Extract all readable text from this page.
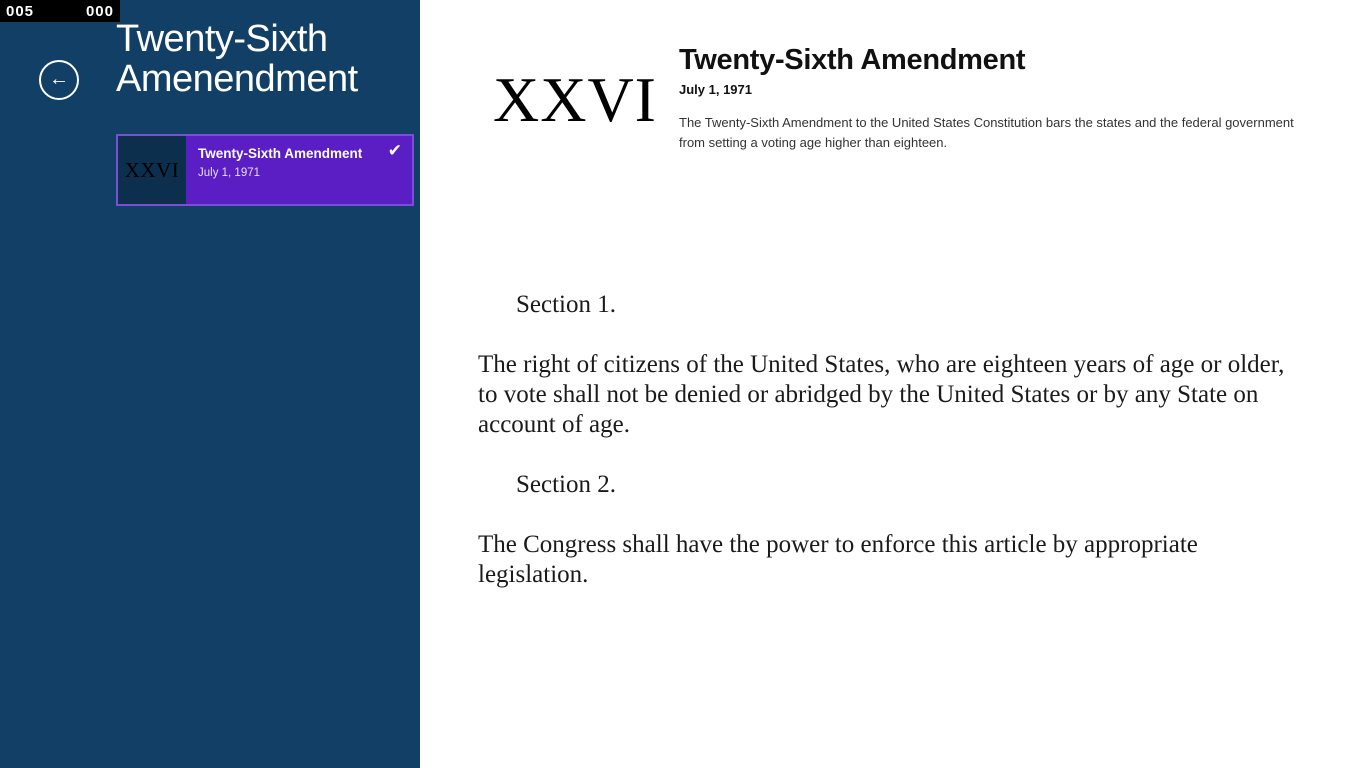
005	000
←
Twenty-Sixth Amenendment
XXVI
Twenty-Sixth Amendment
July 1, 1971
✔
XXVI
Twenty-Sixth Amendment
July 1, 1971
The Twenty-Sixth Amendment to the United States Constitution bars the states and the federal government from setting a voting age higher than eighteen.

Section 1.

The right of citizens of the United States, who are eighteen years of age or older, to vote shall not be denied or abridged by the United States or by any State on account of age.

Section 2.

The Congress shall have the power to enforce this article by appropriate legislation.
